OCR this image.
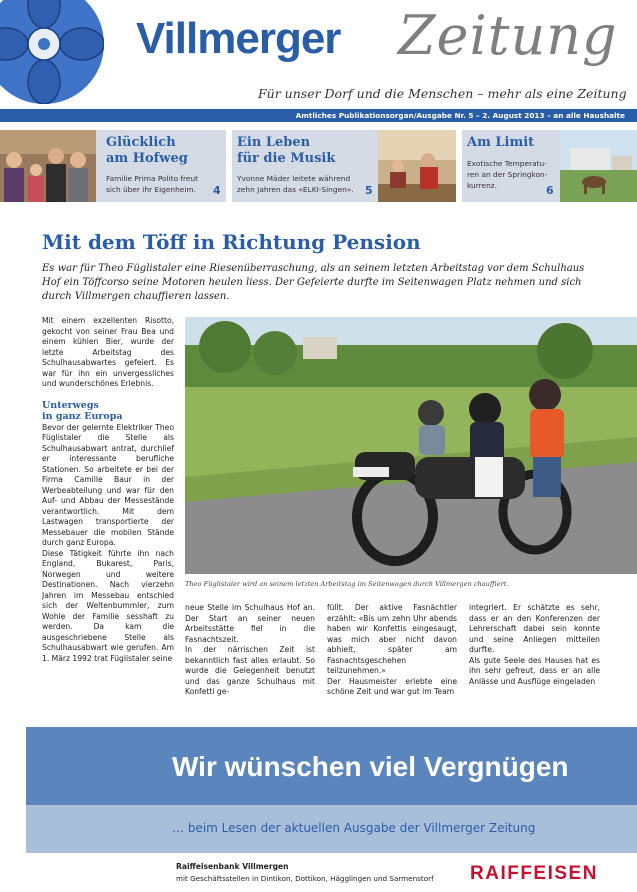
Villmerger Zeitung
Für unser Dorf und die Menschen – mehr als eine Zeitung
Amtliches Publikationsorgan/Ausgabe Nr. 5 – 2. August 2013 – an alle Haushalte
Glücklich
am Hofweg
Familie Prima Polito freut
sich über ihr Eigenheim. 4
Ein Leben
für die Musik
Yvonne Mäder leitete während
zehn Jahren das «ELKI-Singen». 5
Am Limit
Exotische Temperatu-
ren an der Springkon-
kurrenz.	6
Mit dem Töff in Richtung Pension
Es war für Theo Füglistaler eine Riesenüberraschung, als an seinem letzten Arbeitstag vor dem Schulhaus Hof ein Töffcorso seine Motoren heulen liess. Der Gefeierte durfte im Seitenwagen Platz nehmen und sich durch Villmergen chauffieren lassen.

Mit einem exzellenten Risotto, gekocht von seiner Frau Bea und einem kühlen Bier, wurde der letzte Arbeitstag des Schulhausabwartes gefeiert. Es war für ihn ein unvergessliches und wunderschönes Erlebnis.

Unterwegs
in ganz Europa

Bevor der gelernte Elektriker Theo Füglistaler die Stelle als Schulhausabwart antrat, durchlief er interessante berufliche Stationen. So arbeitete er bei der Firma Camille Baur in der Werbeabteilung und war für den Auf- und Abbau der Messestände verantwortlich. Mit dem Lastwagen transportierte der Messebauer die mobilen Stände durch ganz Europa.

Diese Tätigkeit führte ihn nach England, Bukarest, Paris, Norwegen und weitere Destinationen. Nach vierzehn Jahren im Messebau entschied sich der Weltenbummler, zum Wohle der Familie sesshaft zu werden. Da kam die ausgeschriebene Stelle als Schulhausabwart wie gerufen. Am 1. März 1992 trat Füglistaler seine

Theo Füglistaler wird an seinem letzten Arbeitstag im Seitenwagen durch Villmergen chauffiert.

neue Stelle im Schulhaus Hof an. Der Start an seiner neuen Arbeitsstätte fiel in die Fasnachtszeit.

In der närrischen Zeit ist bekanntlich fast alles erlaubt. So wurde die Gelegenheit benutzt und das ganze Schulhaus mit Konfetti ge-

füllt. Der aktive Fasnächtler erzählt: «Bis um zehn Uhr abends haben wir Konfettis eingesaugt, was mich aber nicht davon abhielt, später am Fasnachtsgeschehen teilzunehmen.»

Der Hausmeister erlebte eine schöne Zeit und war gut im Team

integriert. Er schätzte es sehr, dass er an den Konferenzen der Lehrerschaft dabei sein konnte und seine Anliegen mitteilen durfte.

Als gute Seele des Hauses hat es ihn sehr gefreut, dass er an alle Anlässe und Ausflüge eingeladen

Wir wünschen viel Vergnügen
… beim Lesen der aktuellen Ausgabe der Villmerger Zeitung
Raiffeisenbank Villmergen
mit Geschäftsstellen in Dintikon, Dottikon, Hägglingen und Sarmenstorf RAIFFEISEN
